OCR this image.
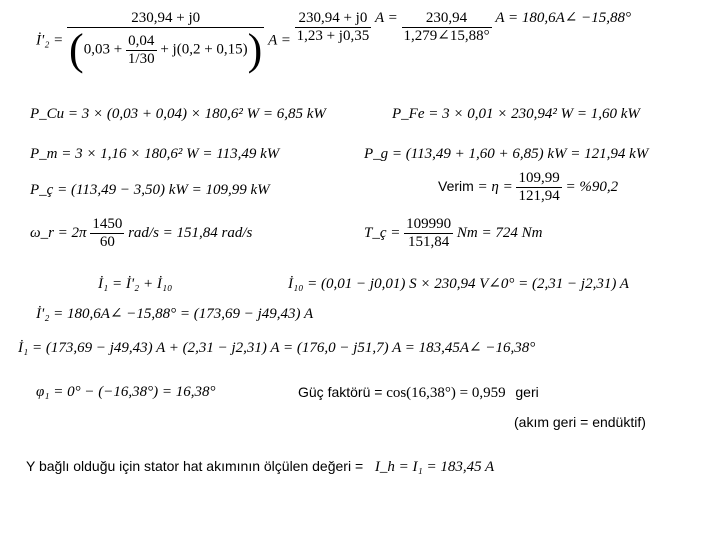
İ'₂ =
230,94 + j0
$(0,03 + \frac{0,04}{1/30} + j(0,2 + 0,15))$ $A = \frac{230,94 + j0}{1,23 + j0,35}$ $A = \frac{230,94}{1,279\angle 15,88^\circ}$ A = 180,6A∠ −15,88°
P_Cu = 3 × (0,03 + 0,04) × 180,6² W = 6,85 kW	P_Fe = 3 × 0,01 × 230,94² W = 1,60 kW
P_m = 3 × 1,16 × 180,6² W = 113,49 kW	P_g = (113,49 + 1,60 + 6,85) kW = 121,94 kW
P_ç = (113,49 − 3,50) kW = 109,99 kW	Verim = $\eta = \frac{109,99}{121,94} = \%90,2$
ω_r = $2\pi \frac{1450}{60} rad/s = 151,84$ rad/s	T_ç = $\frac{109990}{151,84}$ Nm = 724 Nm
İ₁ = İ'₂ + İ₁₀	İ₁₀ = (0,01 − j0,01) S × 230,94 V∠0° = (2,31 − j2,31) A
İ'₂ = 180,6A∠ −15,88° = (173,69 − j49,43) A
İ₁ = (173,69 − j49,43) A + (2,31 − j2,31) A = (176,0 − j51,7) A = 183,45A∠ −16,38°
φ₁ = 0° − (−16,38°) = 16,38°	Güç faktörü = cos(16,38°) = 0,959 geri
(akım geri = endüktif)
Y bağlı olduğu için stator hat akımının ölçülen değeri = I_h = I₁ = 183,45 A
